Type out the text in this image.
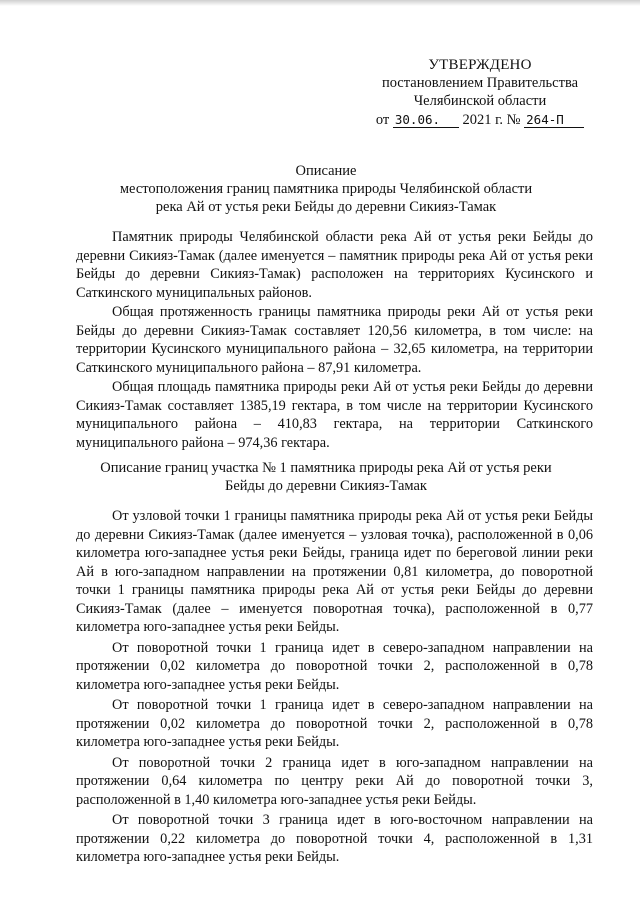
УТВЕРЖДЕНО
постановлением Правительства
Челябинской области
от 30.06. 2021 г. № 264-П
Описание
местоположения границ памятника природы Челябинской области
река Ай от устья реки Бейды до деревни Сикияз-Тамак

Памятник природы Челябинской области река Ай от устья реки Бейды до деревни Сикияз-Тамак (далее именуется – памятник природы река Ай от устья реки Бейды до деревни Сикияз-Тамак) расположен на территориях Кусинского и Саткинского муниципальных районов.

Общая протяженность границы памятника природы реки Ай от устья реки Бейды до деревни Сикияз-Тамак составляет 120,56 километра, в том числе: на территории Кусинского муниципального района – 32,65 километра, на территории Саткинского муниципального района – 87,91 километра.

Общая площадь памятника природы реки Ай от устья реки Бейды до деревни Сикияз-Тамак составляет 1385,19 гектара, в том числе на территории Кусинского муниципального района – 410,83 гектара, на территории Саткинского муниципального района – 974,36 гектара.

Описание границ участка № 1 памятника природы река Ай от устья реки
Бейды до деревни Сикияз-Тамак

От узловой точки 1 границы памятника природы река Ай от устья реки Бейды до деревни Сикияз-Тамак (далее именуется – узловая точка), расположенной в 0,06 километра юго-западнее устья реки Бейды, граница идет по береговой линии реки Ай в юго-западном направлении на протяжении 0,81 километра, до поворотной точки 1 границы памятника природы река Ай от устья реки Бейды до деревни Сикияз-Тамак (далее – именуется поворотная точка), расположенной в 0,77 километра юго-западнее устья реки Бейды.

От поворотной точки 1 граница идет в северо-западном направлении на протяжении 0,02 километра до поворотной точки 2, расположенной в 0,78 километра юго-западнее устья реки Бейды.

От поворотной точки 1 граница идет в северо-западном направлении на протяжении 0,02 километра до поворотной точки 2, расположенной в 0,78 километра юго-западнее устья реки Бейды.

От поворотной точки 2 граница идет в юго-западном направлении на протяжении 0,64 километра по центру реки Ай до поворотной точки 3, расположенной в 1,40 километра юго-западнее устья реки Бейды.

От поворотной точки 3 граница идет в юго-восточном направлении на протяжении 0,22 километра до поворотной точки 4, расположенной в 1,31 километра юго-западнее устья реки Бейды.
